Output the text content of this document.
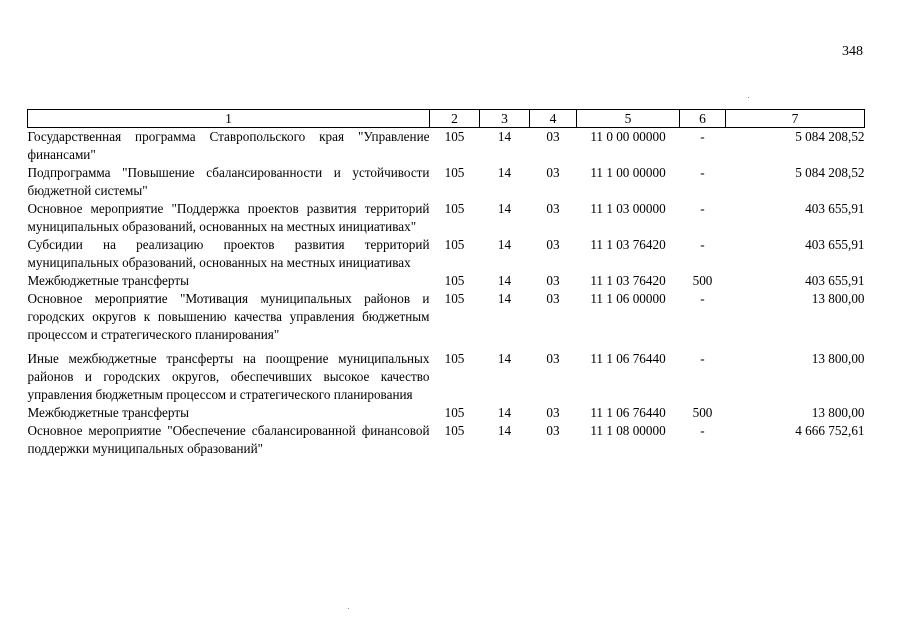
348
1	2	3	4	5	6	7
Государственная программа Ставропольского края "Управление финансами"	105	14	03	11 0 00 00000	-	5 084 208,52
Подпрограмма "Повышение сбалансированности и устойчивости бюджетной системы"	105	14	03	11 1 00 00000	-	5 084 208,52
Основное мероприятие "Поддержка проектов развития территорий муниципальных образований, основанных на местных инициативах"	105	14	03	11 1 03 00000	-	403 655,91
Субсидии на реализацию проектов развития территорий муниципальных образований, основанных на местных инициативах	105	14	03	11 1 03 76420	-	403 655,91
Межбюджетные трансферты	105	14	03	11 1 03 76420	500	403 655,91
Основное мероприятие "Мотивация муниципальных районов и городских округов к повышению качества управления бюджетным процессом и стратегического планирования"	105	14	03	11 1 06 00000	-	13 800,00
Иные межбюджетные трансферты на поощрение муниципальных районов и городских округов, обеспечивших высокое качество управления бюджетным процессом и стратегического планирования	105	14	03	11 1 06 76440	-	13 800,00
Межбюджетные трансферты	105	14	03	11 1 06 76440	500	13 800,00
Основное мероприятие "Обеспечение сбалансированной финансовой поддержки муниципальных образований"	105	14	03	11 1 08 00000	-	4 666 752,61
